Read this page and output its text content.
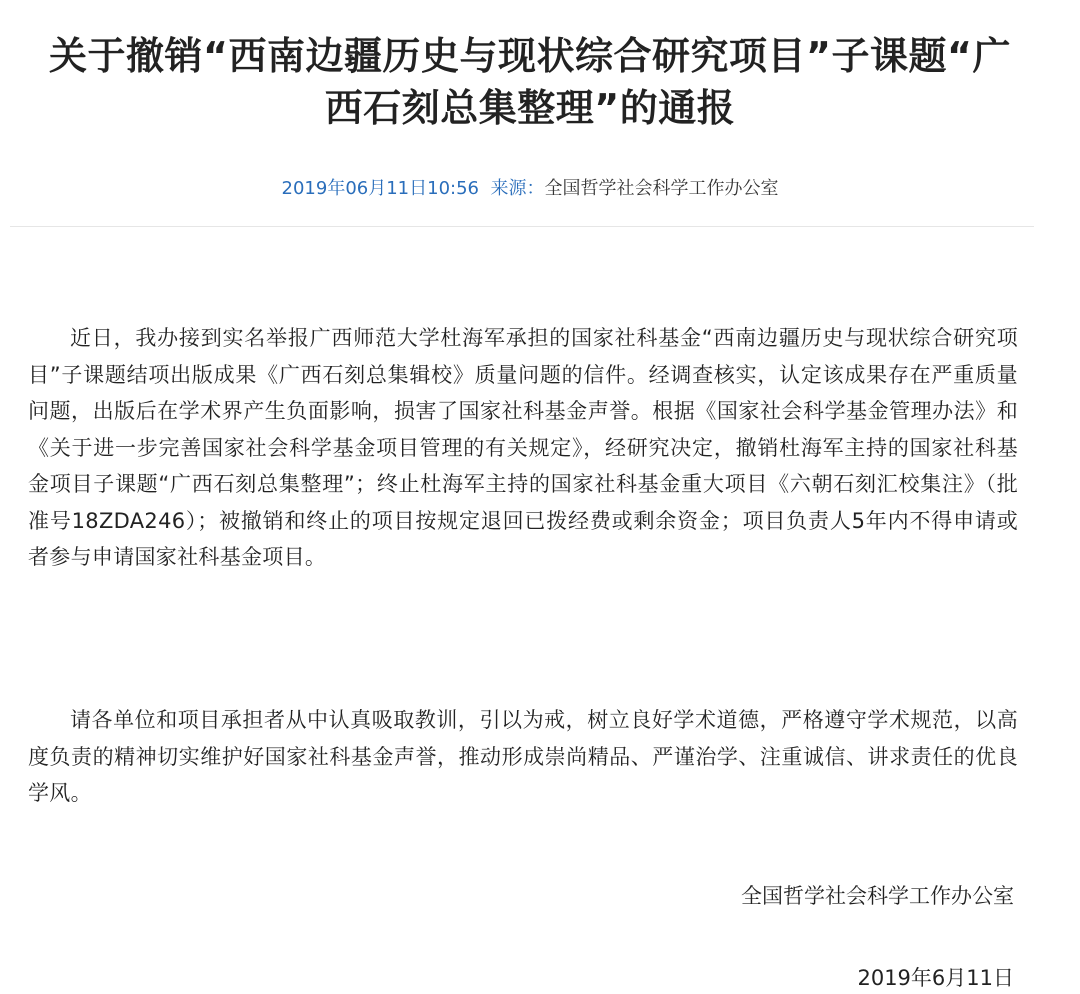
关于撤销“西南边疆历史与现状综合研究项目”子课题“广西石刻总集整理”的通报
2019年06月11日10:56 来源：全国哲学社会科学工作办公室

近日，我办接到实名举报广西师范大学杜海军承担的国家社科基金“西南边疆历史与现状综合研究项目”子课题结项出版成果《广西石刻总集辑校》质量问题的信件。经调查核实，认定该成果存在严重质量问题，出版后在学术界产生负面影响，损害了国家社科基金声誉。根据《国家社会科学基金管理办法》和《关于进一步完善国家社会科学基金项目管理的有关规定》，经研究决定，撤销杜海军主持的国家社科基金项目子课题“广西石刻总集整理”；终止杜海军主持的国家社科基金重大项目《六朝石刻汇校集注》（批准号18ZDA246）；被撤销和终止的项目按规定退回已拨经费或剩余资金；项目负责人5年内不得申请或者参与申请国家社科基金项目。

请各单位和项目承担者从中认真吸取教训，引以为戒，树立良好学术道德，严格遵守学术规范，以高度负责的精神切实维护好国家社科基金声誉，推动形成崇尚精品、严谨治学、注重诚信、讲求责任的优良学风。

全国哲学社会科学工作办公室
2019年6月11日
